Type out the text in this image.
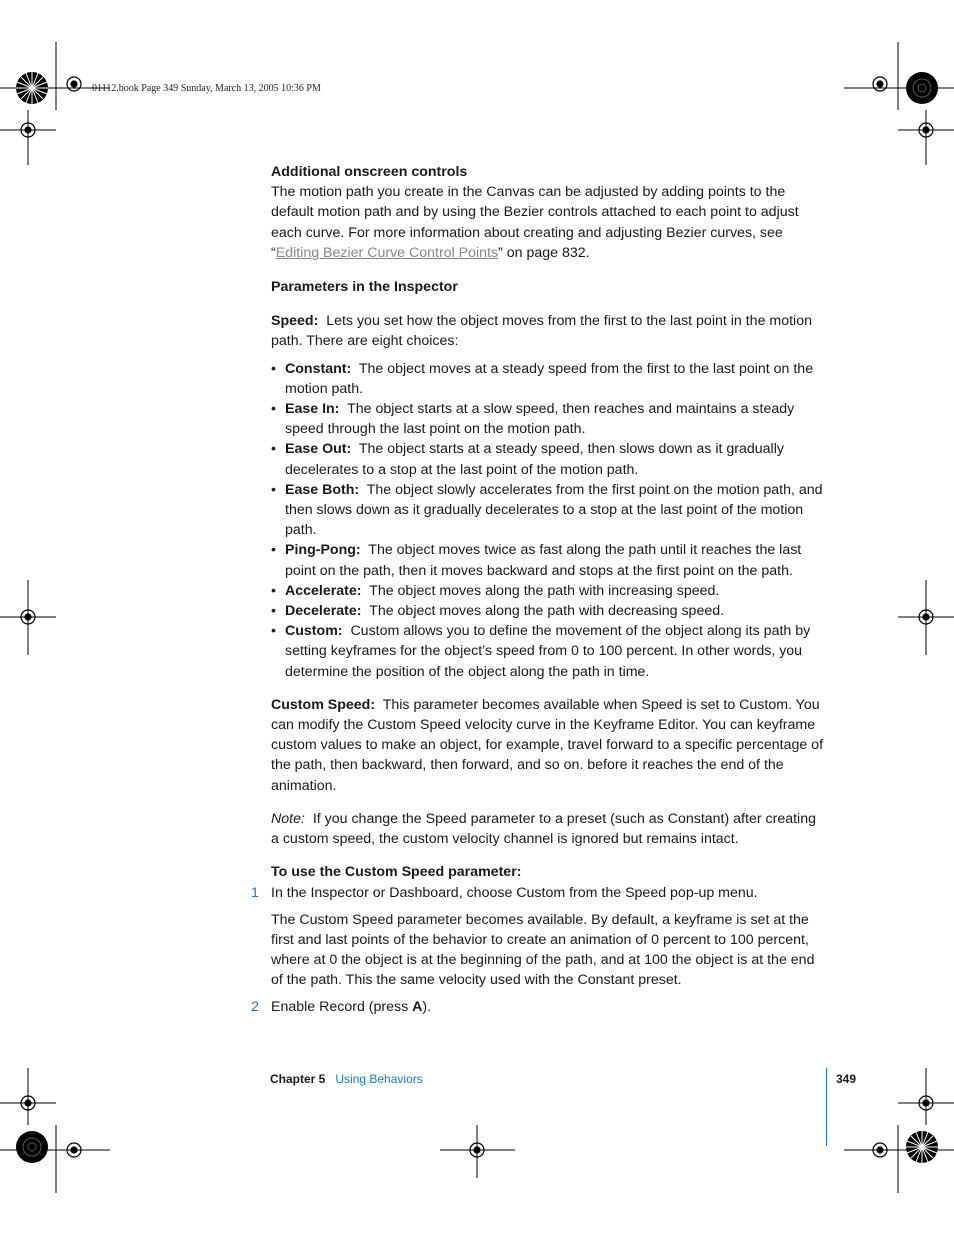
01112.book Page 349 Sunday, March 13, 2005 10:36 PM

Additional onscreen controls

The motion path you create in the Canvas can be adjusted by adding points to the default motion path and by using the Bezier controls attached to each point to adjust each curve. For more information about creating and adjusting Bezier curves, see “Editing Bezier Curve Control Points” on page 832.

Parameters in the Inspector

Speed: Lets you set how the object moves from the first to the last point in the motion path. There are eight choices:

• Constant: The object moves at a steady speed from the first to the last point on the motion path.
• Ease In: The object starts at a slow speed, then reaches and maintains a steady speed through the last point on the motion path.
• Ease Out: The object starts at a steady speed, then slows down as it gradually decelerates to a stop at the last point of the motion path.
• Ease Both: The object slowly accelerates from the first point on the motion path, and then slows down as it gradually decelerates to a stop at the last point of the motion path.
• Ping-Pong: The object moves twice as fast along the path until it reaches the last point on the path, then it moves backward and stops at the first point on the path.
• Accelerate: The object moves along the path with increasing speed.
• Decelerate: The object moves along the path with decreasing speed.
• Custom: Custom allows you to define the movement of the object along its path by setting keyframes for the object’s speed from 0 to 100 percent. In other words, you determine the position of the object along the path in time.

Custom Speed: This parameter becomes available when Speed is set to Custom. You can modify the Custom Speed velocity curve in the Keyframe Editor. You can keyframe custom values to make an object, for example, travel forward to a specific percentage of the path, then backward, then forward, and so on. before it reaches the end of the animation.

Note: If you change the Speed parameter to a preset (such as Constant) after creating a custom speed, the custom velocity channel is ignored but remains intact.

To use the Custom Speed parameter:

1 In the Inspector or Dashboard, choose Custom from the Speed pop-up menu.

The Custom Speed parameter becomes available. By default, a keyframe is set at the first and last points of the behavior to create an animation of 0 percent to 100 percent, where at 0 the object is at the beginning of the path, and at 100 the object is at the end of the path. This the same velocity used with the Constant preset.

2 Enable Record (press A).

Chapter 5 Using Behaviors	349
